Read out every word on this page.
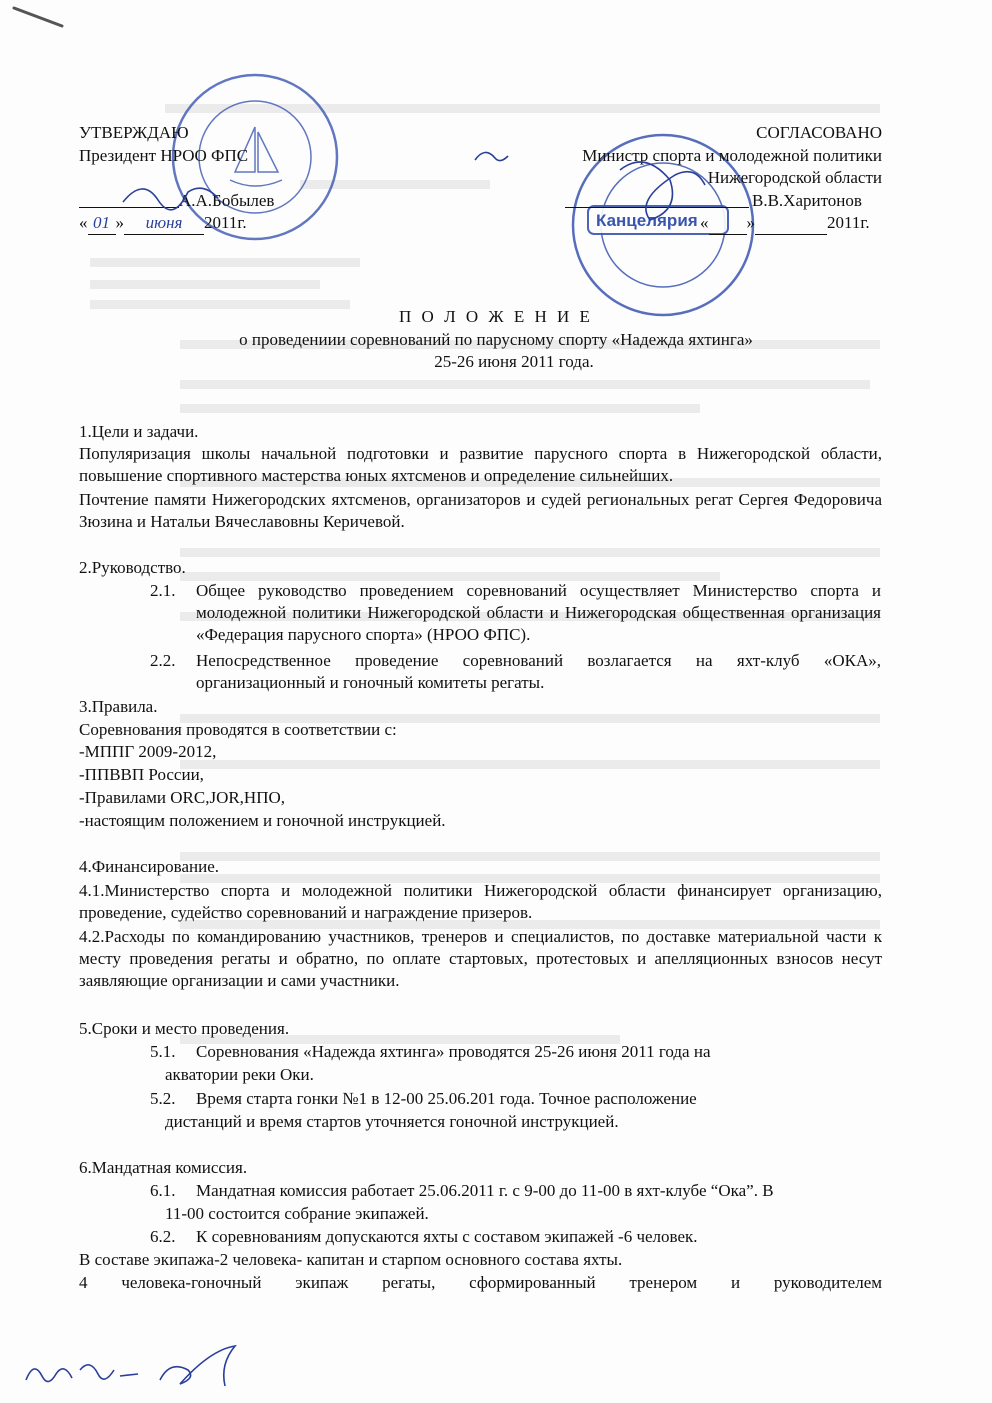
Канцелярия
УТВЕРЖДАЮ
Президент НРОО ФПС
А.А.Бобылев
« 01 » июня 2011г.
СОГЛАСОВАНО
Министр спорта и молодежной политики
Нижегородской области
В.В.Харитонов
« »	2011г.
П О Л О Ж Е Н И Е
о проведениии соревнований по парусному спорту «Надежда яхтинга»
25-26 июня 2011 года.
1.Цели и задачи.
Популяризация школы начальной подготовки и развитие парусного спорта в Нижегородской области, повышение спортивного мастерства юных яхтсменов и определение сильнейших.
Почтение памяти Нижегородских яхтсменов, организаторов и судей региональных регат Сергея Федоровича Зюзина и Натальи Вячеславовны Керичевой.
2.Руководство.
2.1. Общее руководство проведением соревнований осуществляет Министерство спорта и молодежной политики Нижегородской области и Нижегородская общественная организация «Федерация парусного спорта» (НРОО ФПС).
2.2. Непосредственное проведение соревнований возлагается на яхт-клуб «ОКА», организационный и гоночный комитеты регаты.
3.Правила.
Соревнования проводятся в соответствии с:
-МППГ 2009-2012,
-ППВВП России,
-Правилами ORC,JOR,НПО,
-настоящим положением и гоночной инструкцией.
4.Финансирование.
4.1.Министерство спорта и молодежной политики Нижегородской области финансирует организацию, проведение, судейство соревнований и награждение призеров.
4.2.Расходы по командированию участников, тренеров и специалистов, по доставке материальной части к месту проведения регаты и обратно, по оплате стартовых, протестовых и апелляционных взносов несут заявляющие организации и сами участники.
5.Сроки и место проведения.
5.1. Соревнования «Надежда яхтинга» проводятся 25-26 июня 2011 года на
акватории реки Оки.
5.2. Время старта гонки №1 в 12-00 25.06.201 года. Точное расположение
дистанций и время стартов уточняется гоночной инструкцией.
6.Мандатная комиссия.
6.1. Мандатная комиссия работает 25.06.2011 г. с 9-00 до 11-00 в яхт-клубе “Ока”. В
11-00 состоится собрание экипажей.
6.2. К соревнованиям допускаются яхты с составом экипажей -6 человек.
В составе экипажа-2 человека- капитан и старпом основного состава яхты.
4 человека-гоночный экипаж регаты, сформированный тренером и руководителем
